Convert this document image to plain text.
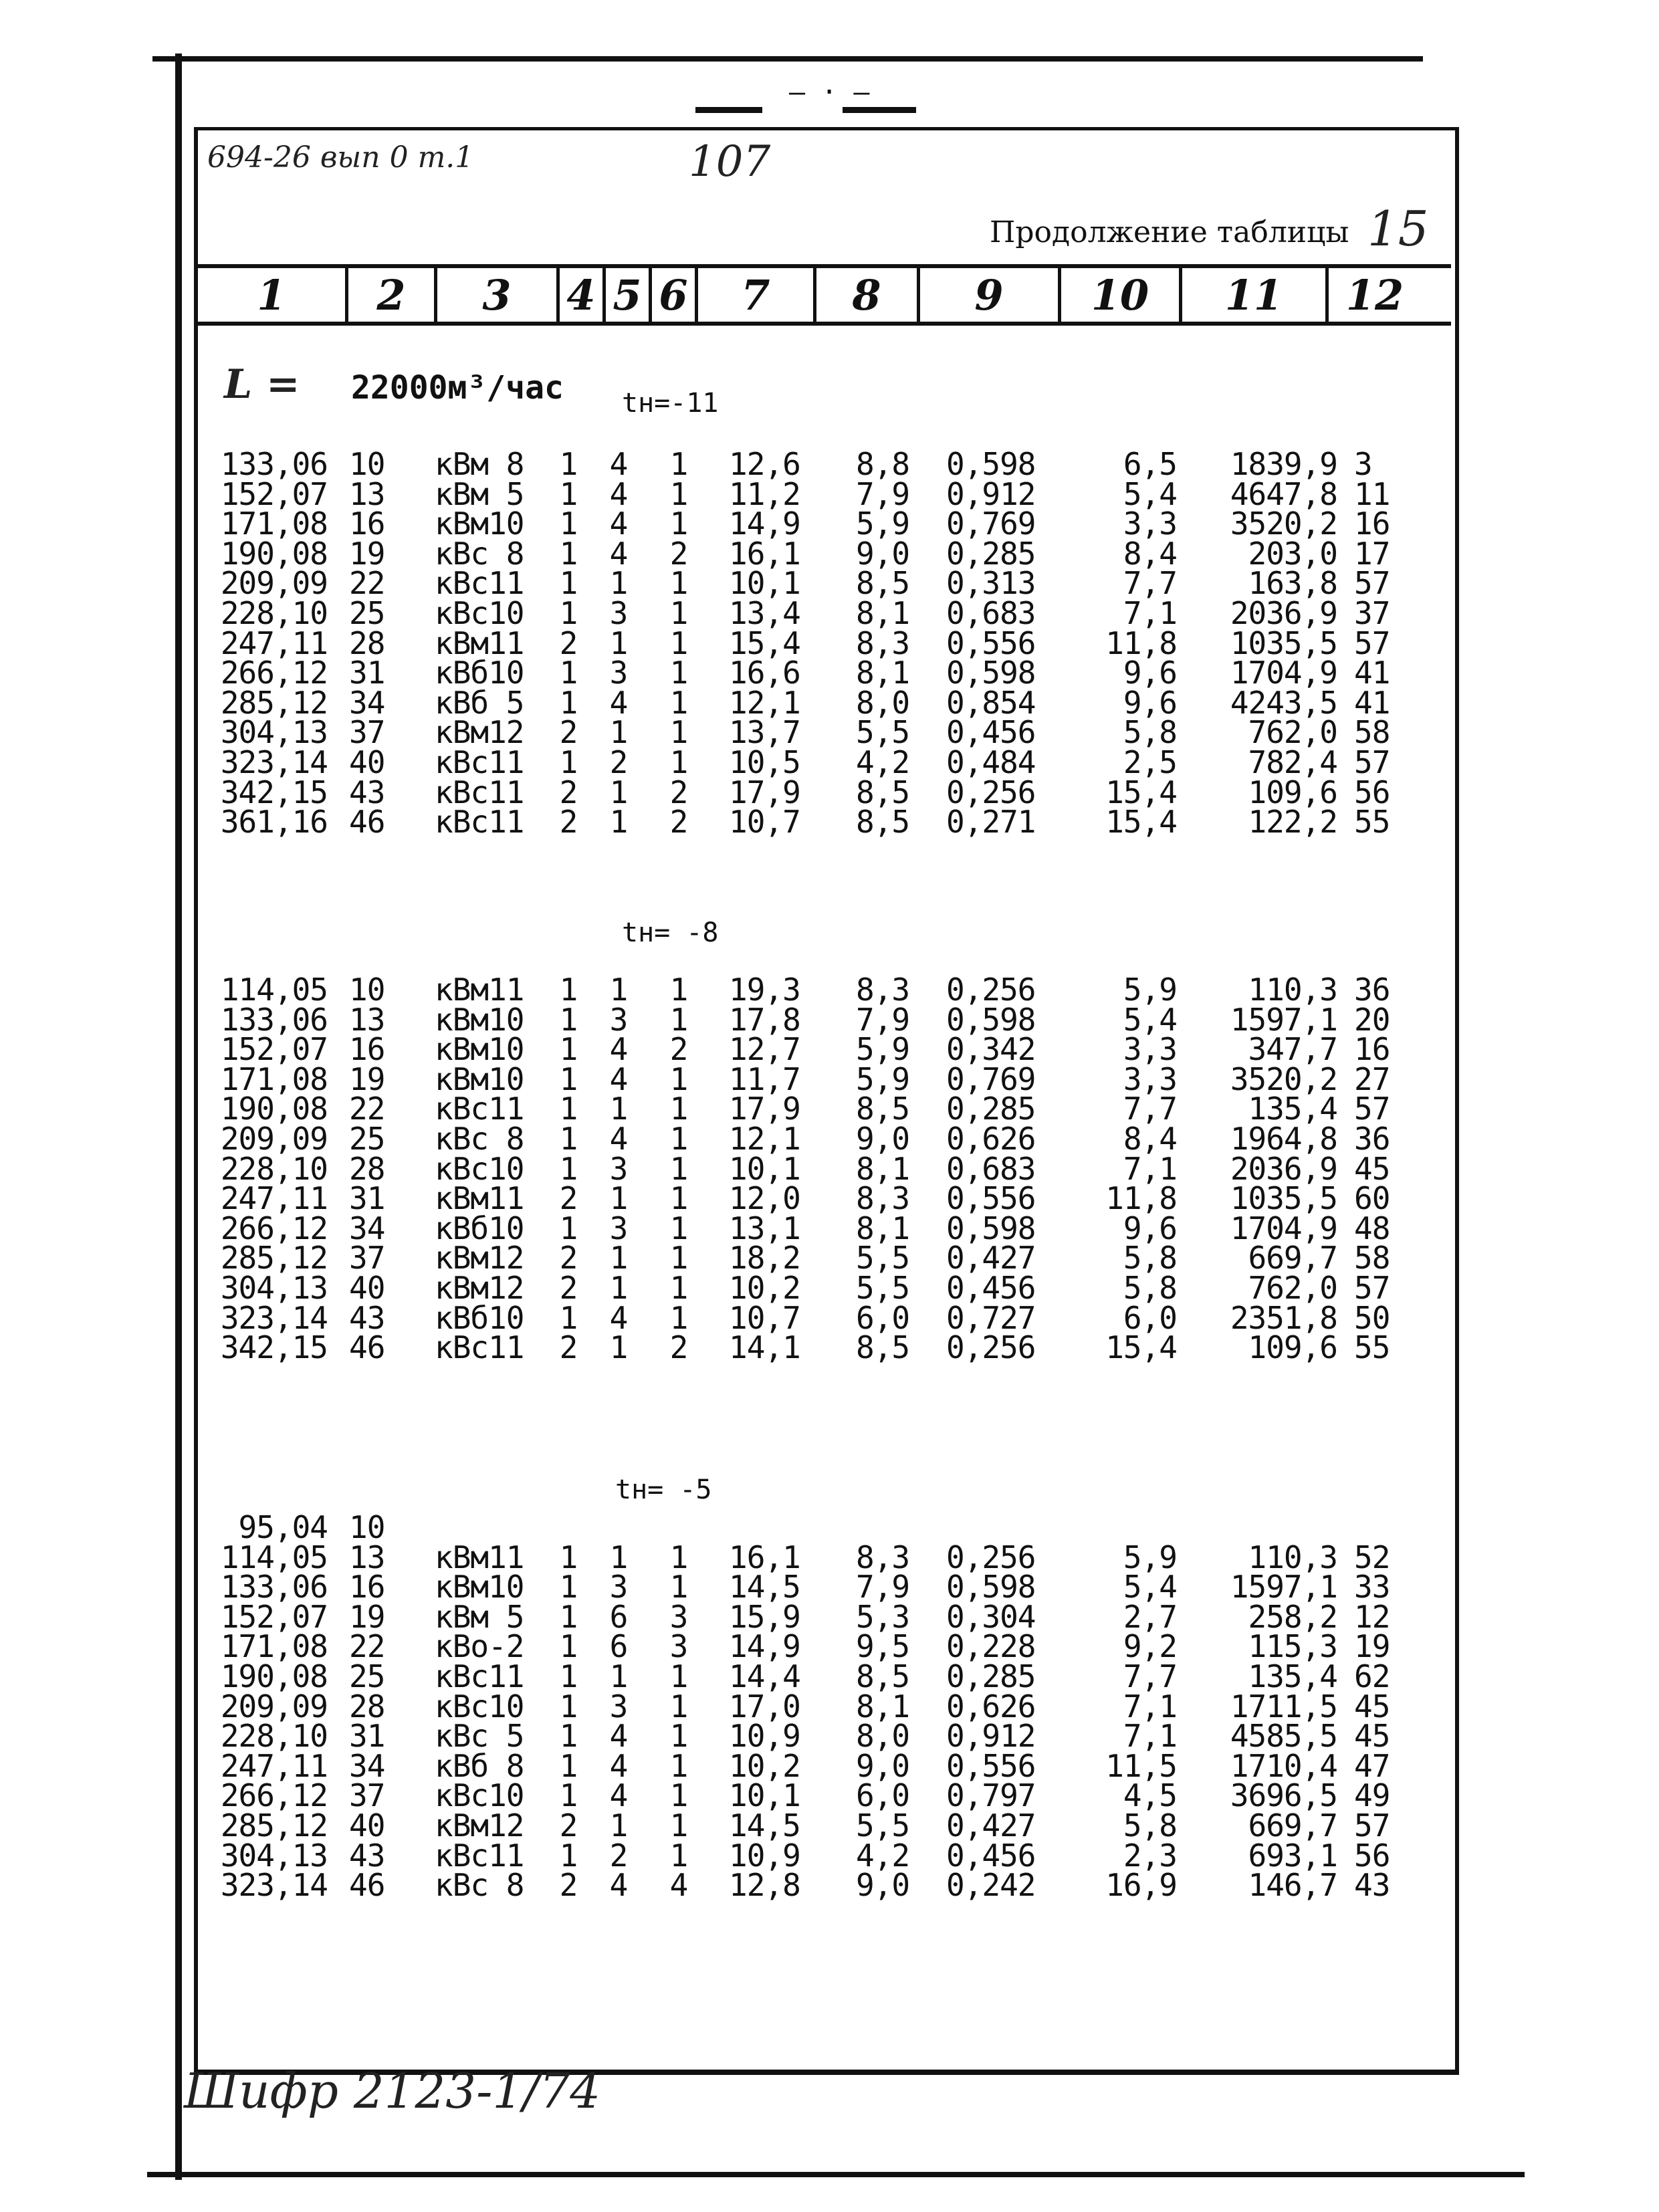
— · —
694-26 вып 0 т.1	107
Продолжение таблицы 15
1	2	3	4 5 6	7	8	9	10	11	12
L = 22000м³/час tн=-11
133,06 10	кВм 8	1 4 1 12,6	8,8	0,598	6,5	1839,9 3
152,07 13	кВм 5	1 4 1 11,2	7,9	0,912	5,4	4647,8 11
171,08 16	кВм10	1 4 1 14,9	5,9	0,769	3,3	3520,2 16
190,08 19	кВс 8	1 4 2 16,1	9,0	0,285	8,4	203,0 17
209,09 22	кВс11	1 1 1 10,1	8,5	0,313	7,7	163,8 57
228,10 25	кВс10	1 3 1 13,4	8,1	0,683	7,1	2036,9 37
247,11 28	кВм11	2 1 1 15,4	8,3	0,556	11,8	1035,5 57
266,12 31	кВб10	1 3 1 16,6	8,1	0,598	9,6	1704,9 41
285,12 34	кВб 5	1 4 1 12,1	8,0	0,854	9,6	4243,5 41
304,13 37	кВм12	2 1 1 13,7	5,5	0,456	5,8	762,0 58
323,14 40	кВс11	1 2 1 10,5	4,2	0,484	2,5	782,4 57
342,15 43	кВс11	2 1 2 17,9	8,5	0,256	15,4	109,6 56
361,16 46	кВс11	2 1 2 10,7	8,5	0,271	15,4	122,2 55
tн= -8
114,05 10	кВм11	1 1 1 19,3	8,3	0,256	5,9	110,3 36
133,06 13	кВм10	1 3 1 17,8	7,9	0,598	5,4	1597,1 20
152,07 16	кВм10	1 4 2 12,7	5,9	0,342	3,3	347,7 16
171,08 19	кВм10	1 4 1 11,7	5,9	0,769	3,3	3520,2 27
190,08 22	кВс11	1 1 1 17,9	8,5	0,285	7,7	135,4 57
209,09 25	кВс 8	1 4 1 12,1	9,0	0,626	8,4	1964,8 36
228,10 28	кВс10	1 3 1 10,1	8,1	0,683	7,1	2036,9 45
247,11 31	кВм11	2 1 1 12,0	8,3	0,556	11,8	1035,5 60
266,12 34	кВб10	1 3 1 13,1	8,1	0,598	9,6	1704,9 48
285,12 37	кВм12	2 1 1 18,2	5,5	0,427	5,8	669,7 58
304,13 40	кВм12	2 1 1 10,2	5,5	0,456	5,8	762,0 57
323,14 43	кВб10	1 4 1 10,7	6,0	0,727	6,0	2351,8 50
342,15 46	кВс11	2 1 2 14,1	8,5	0,256	15,4	109,6 55
tн= -5
95,04 10
114,05 13	кВм11	1 1 1 16,1	8,3	0,256	5,9	110,3 52
133,06 16	кВм10	1 3 1 14,5	7,9	0,598	5,4	1597,1 33
152,07 19	кВм 5	1 6 3 15,9	5,3	0,304	2,7	258,2 12
171,08 22	кВо-2	1 6 3 14,9	9,5	0,228	9,2	115,3 19
190,08 25	кВс11	1 1 1 14,4	8,5	0,285	7,7	135,4 62
209,09 28	кВс10	1 3 1 17,0	8,1	0,626	7,1	1711,5 45
228,10 31	кВс 5	1 4 1 10,9	8,0	0,912	7,1	4585,5 45
247,11 34	кВб 8	1 4 1 10,2	9,0	0,556	11,5	1710,4 47
266,12 37	кВс10	1 4 1 10,1	6,0	0,797	4,5	3696,5 49
285,12 40	кВм12	2 1 1 14,5	5,5	0,427	5,8	669,7 57
304,13 43	кВс11	1 2 1 10,9	4,2	0,456	2,3	693,1 56
323,14 46	кВс 8	2 4 4 12,8	9,0	0,242	16,9	146,7 43
Шифр 2123-1/74
